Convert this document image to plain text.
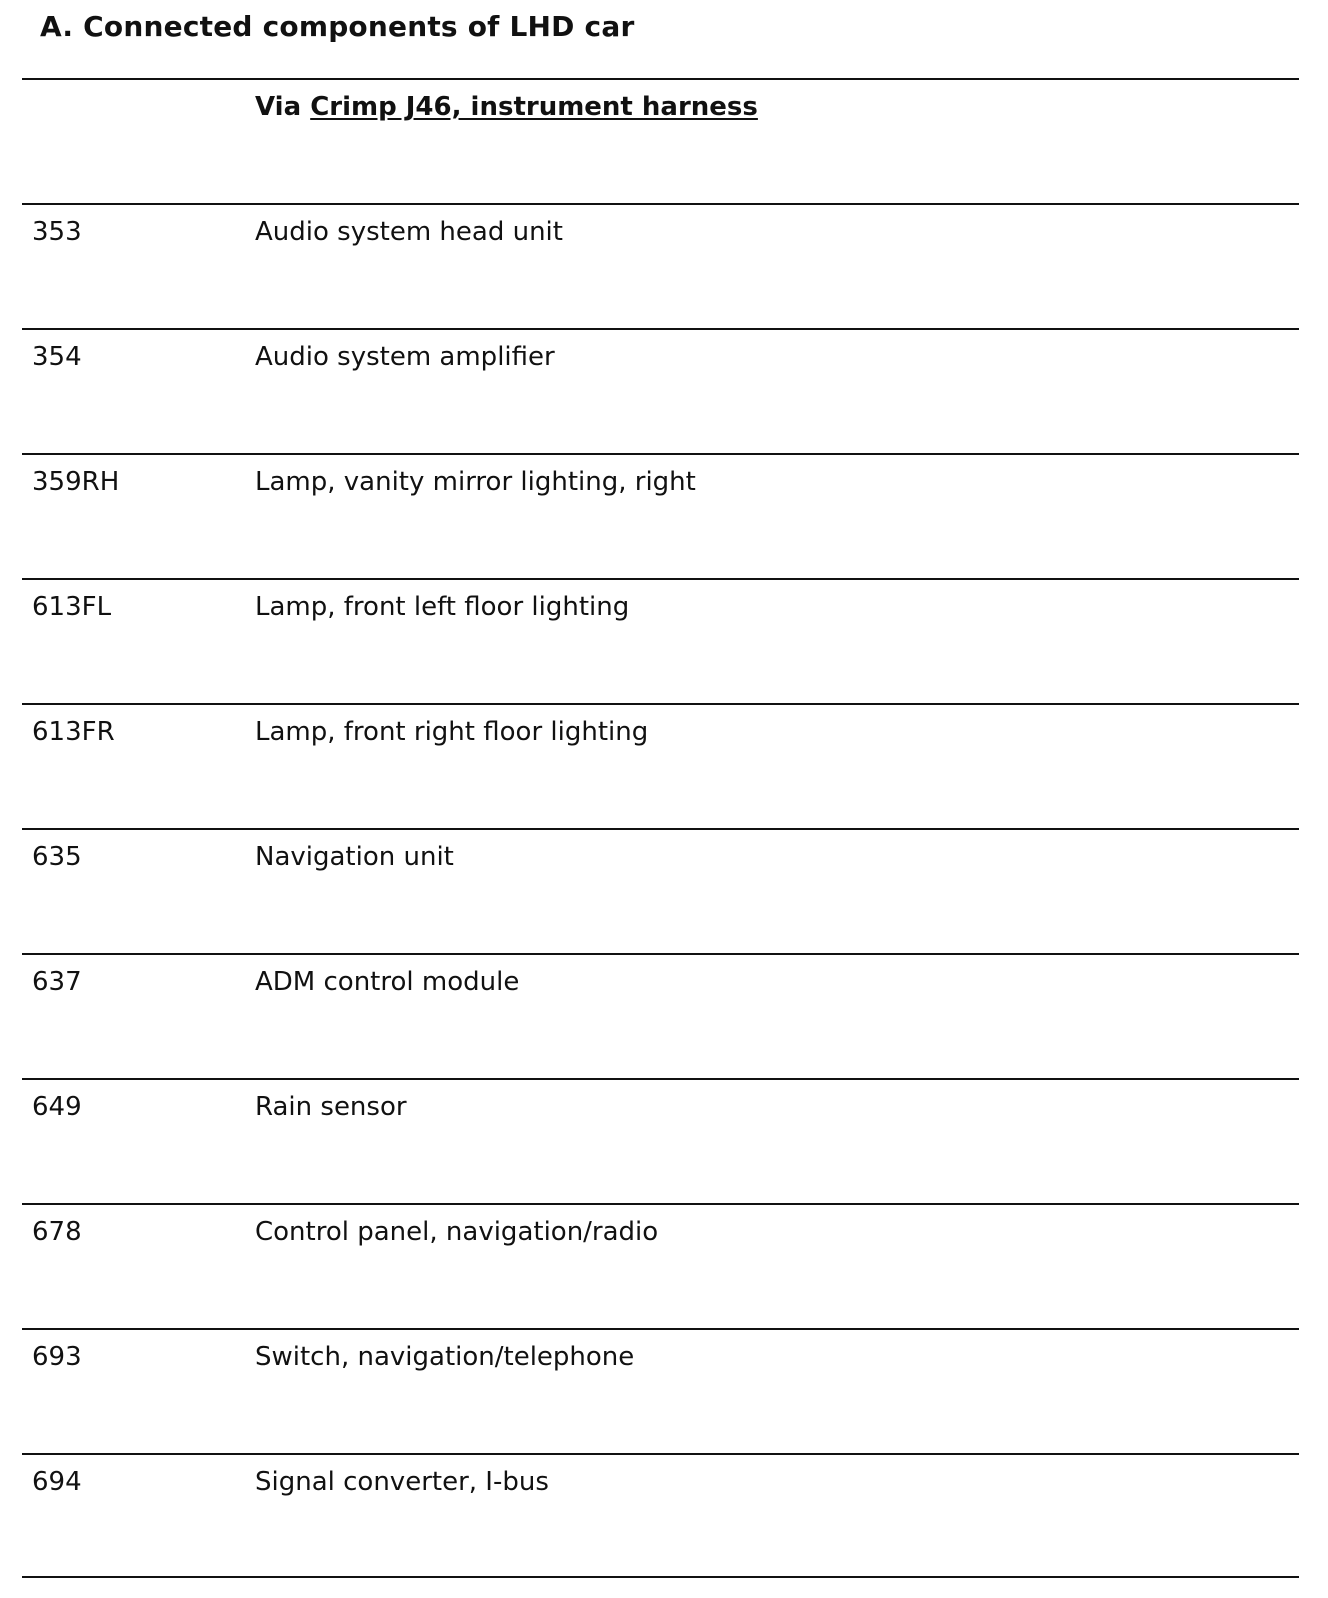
A. Connected components of LHD car
Via Crimp J46, instrument harness
353	Audio system head unit
354	Audio system amplifier
359RH	Lamp, vanity mirror lighting, right
613FL	Lamp, front left floor lighting
613FR	Lamp, front right floor lighting
635	Navigation unit
637	ADM control module
649	Rain sensor
678	Control panel, navigation/radio
693	Switch, navigation/telephone
694	Signal converter, I-bus
